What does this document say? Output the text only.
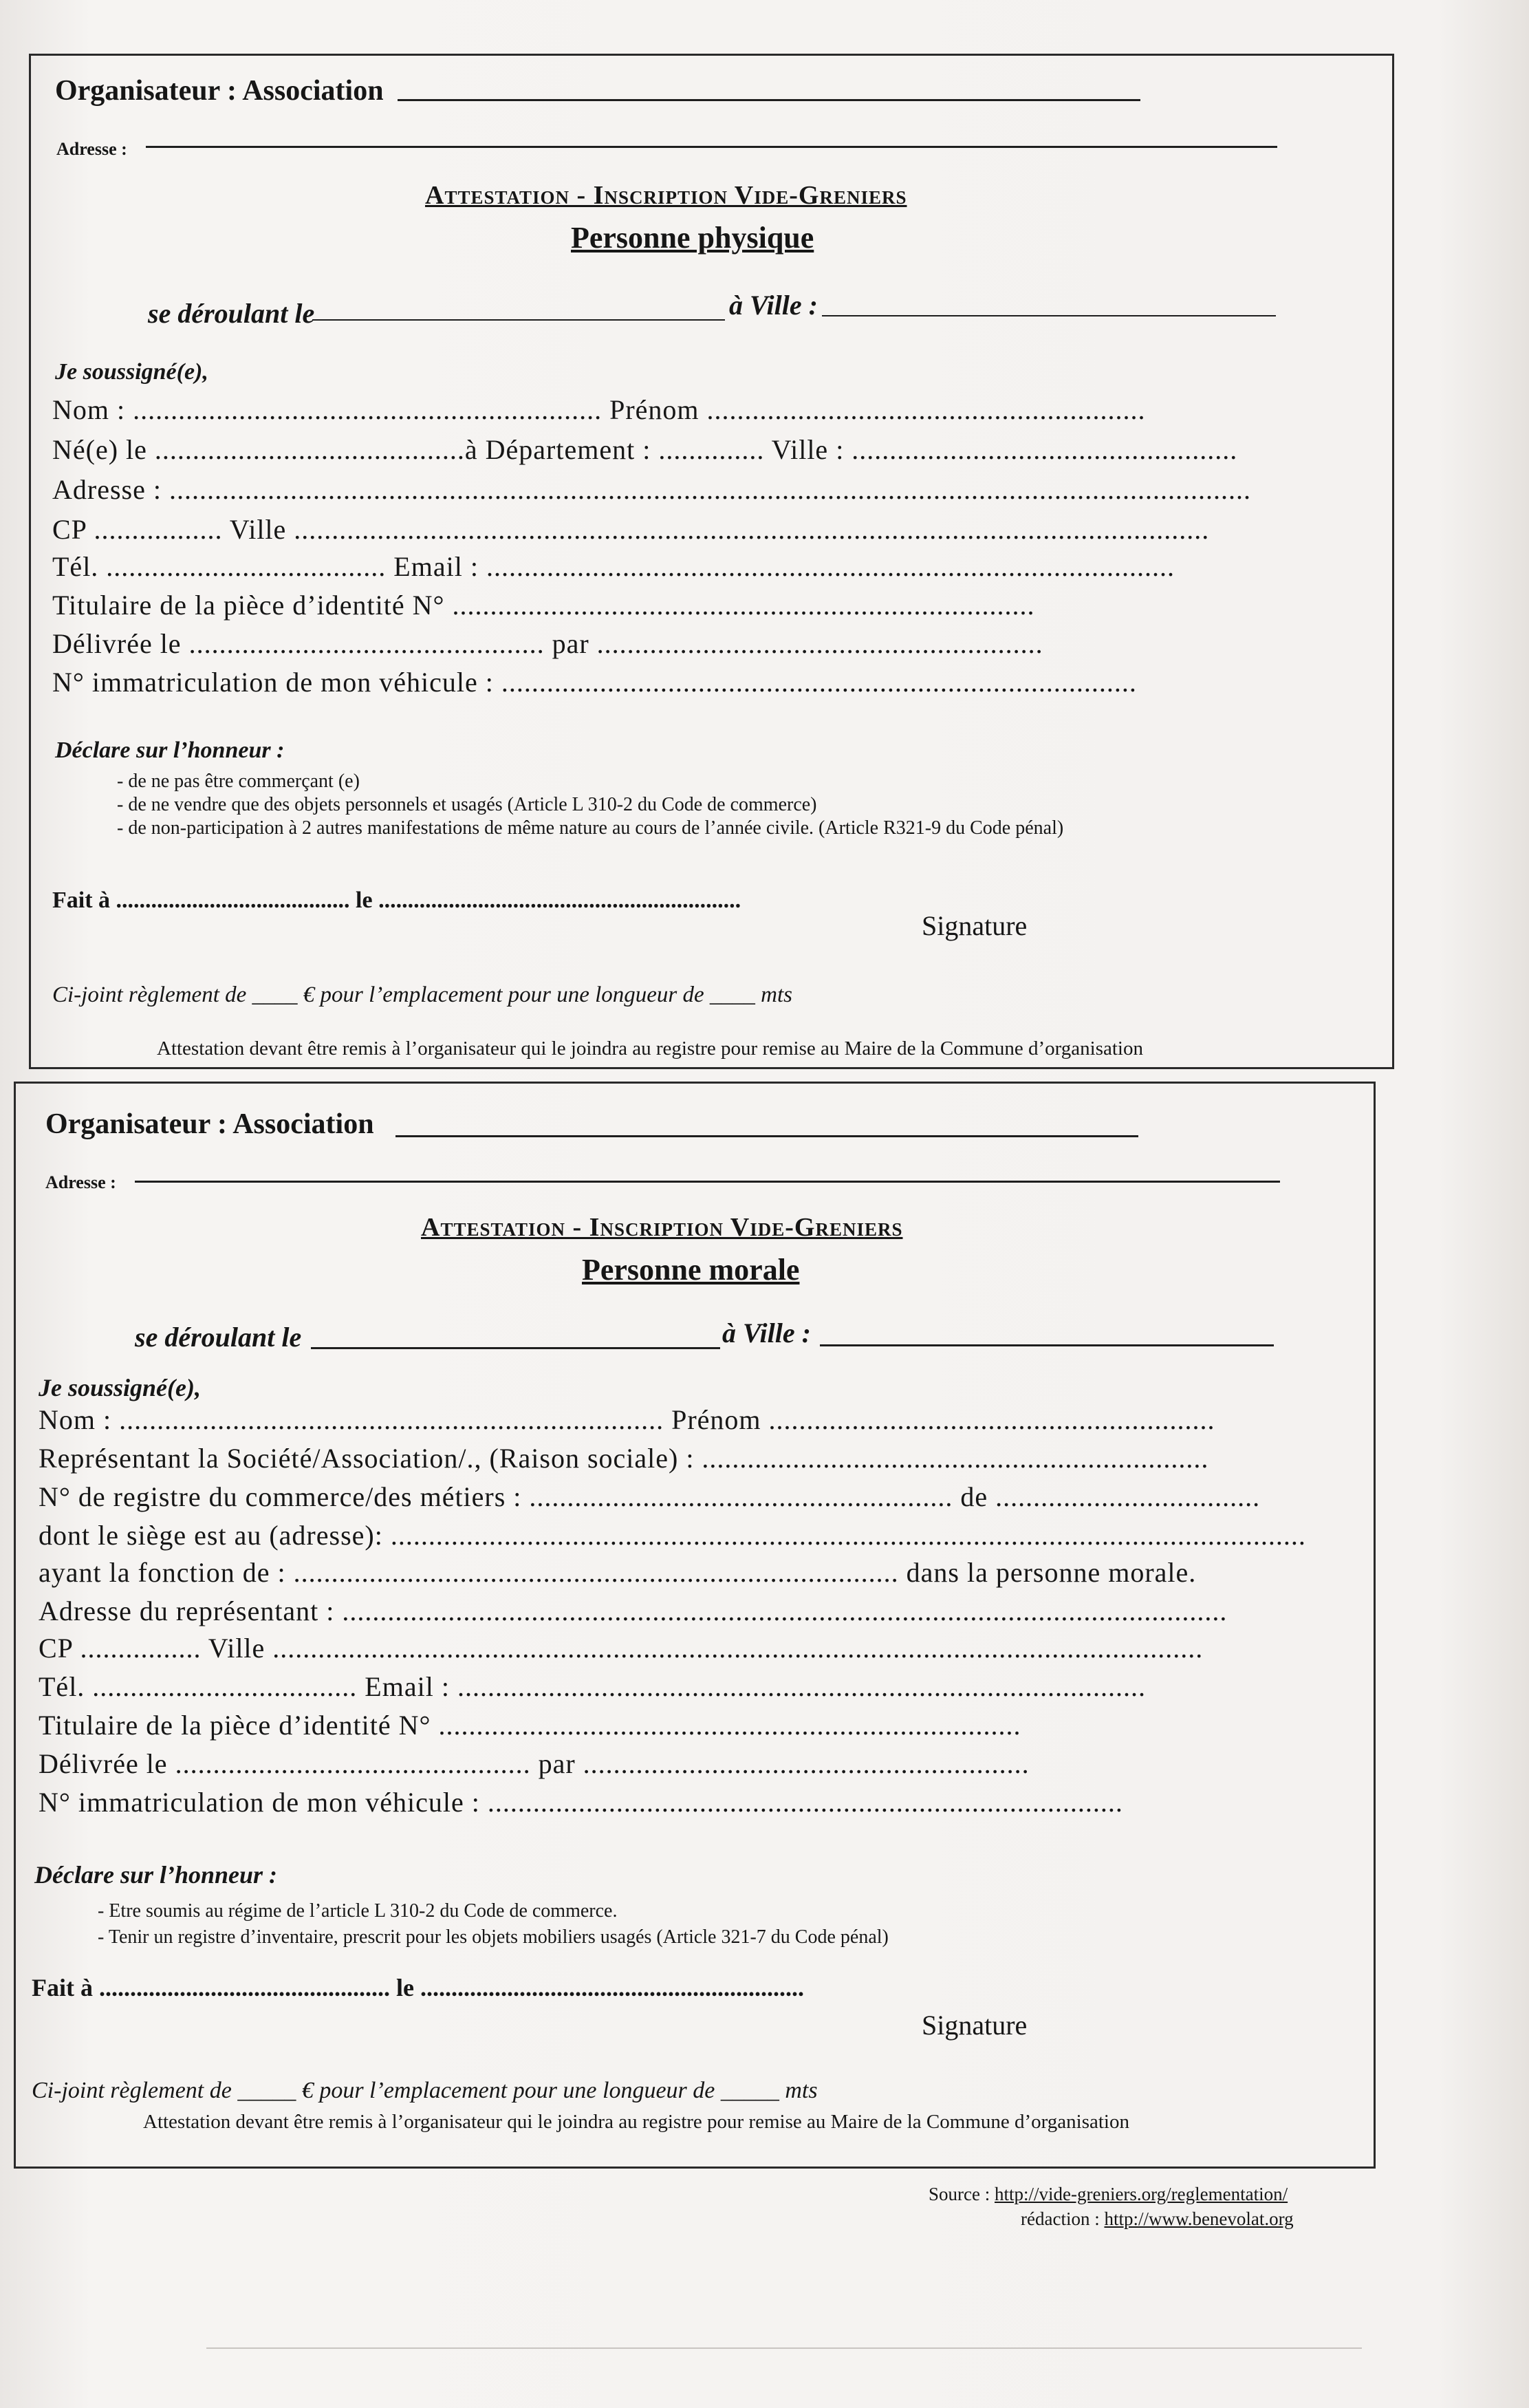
Organisateur : Association
Adresse :
Attestation - Inscription Vide-Greniers
Personne physique
se déroulant le	à Ville :
Je soussigné(e),
Nom : .............................................................. Prénom ..........................................................
Né(e) le .........................................à Département : .............. Ville : ...................................................
Adresse : ...............................................................................................................................................
CP ................. Ville .........................................................................................................................
Tél. ..................................... Email : ...........................................................................................
Titulaire de la pièce d’identité N° .............................................................................
Délivrée le ............................................... par ...........................................................
N° immatriculation de mon véhicule : ....................................................................................
Déclare sur l’honneur :
- de ne pas être commerçant (e)
- de ne vendre que des objets personnels et usagés (Article L 310-2 du Code de commerce)
- de non-participation à 2 autres manifestations de même nature au cours de l’année civile. (Article R321-9 du Code pénal)
Fait à ........................................ le ..............................................................
Signature
Ci-joint règlement de ____ € pour l’emplacement pour une longueur de ____ mts
Attestation devant être remis à l’organisateur qui le joindra au registre pour remise au Maire de la Commune d’organisation
Organisateur : Association
Adresse :
Attestation - Inscription Vide-Greniers
Personne morale
se déroulant le	à Ville :
Je soussigné(e),
Nom : ........................................................................ Prénom ...........................................................
Représentant la Société/Association/., (Raison sociale) : ...................................................................
N° de registre du commerce/des métiers : ........................................................ de ...................................
dont le siège est au (adresse): .........................................................................................................................
ayant la fonction de : ................................................................................ dans la personne morale.
Adresse du représentant : .....................................................................................................................
CP ................ Ville ...........................................................................................................................
Tél. ................................... Email : ...........................................................................................
Titulaire de la pièce d’identité N° .............................................................................
Délivrée le ............................................... par ...........................................................
N° immatriculation de mon véhicule : ....................................................................................
Déclare sur l’honneur :
- Etre soumis au régime de l’article L 310-2 du Code de commerce.
- Tenir un registre d’inventaire, prescrit pour les objets mobiliers usagés (Article 321-7 du Code pénal)
Fait à ............................................... le ..............................................................
Signature
Ci-joint règlement de _____ € pour l’emplacement pour une longueur de _____ mts
Attestation devant être remis à l’organisateur qui le joindra au registre pour remise au Maire de la Commune d’organisation
Source : http://vide-greniers.org/reglementation/
rédaction : http://www.benevolat.org
